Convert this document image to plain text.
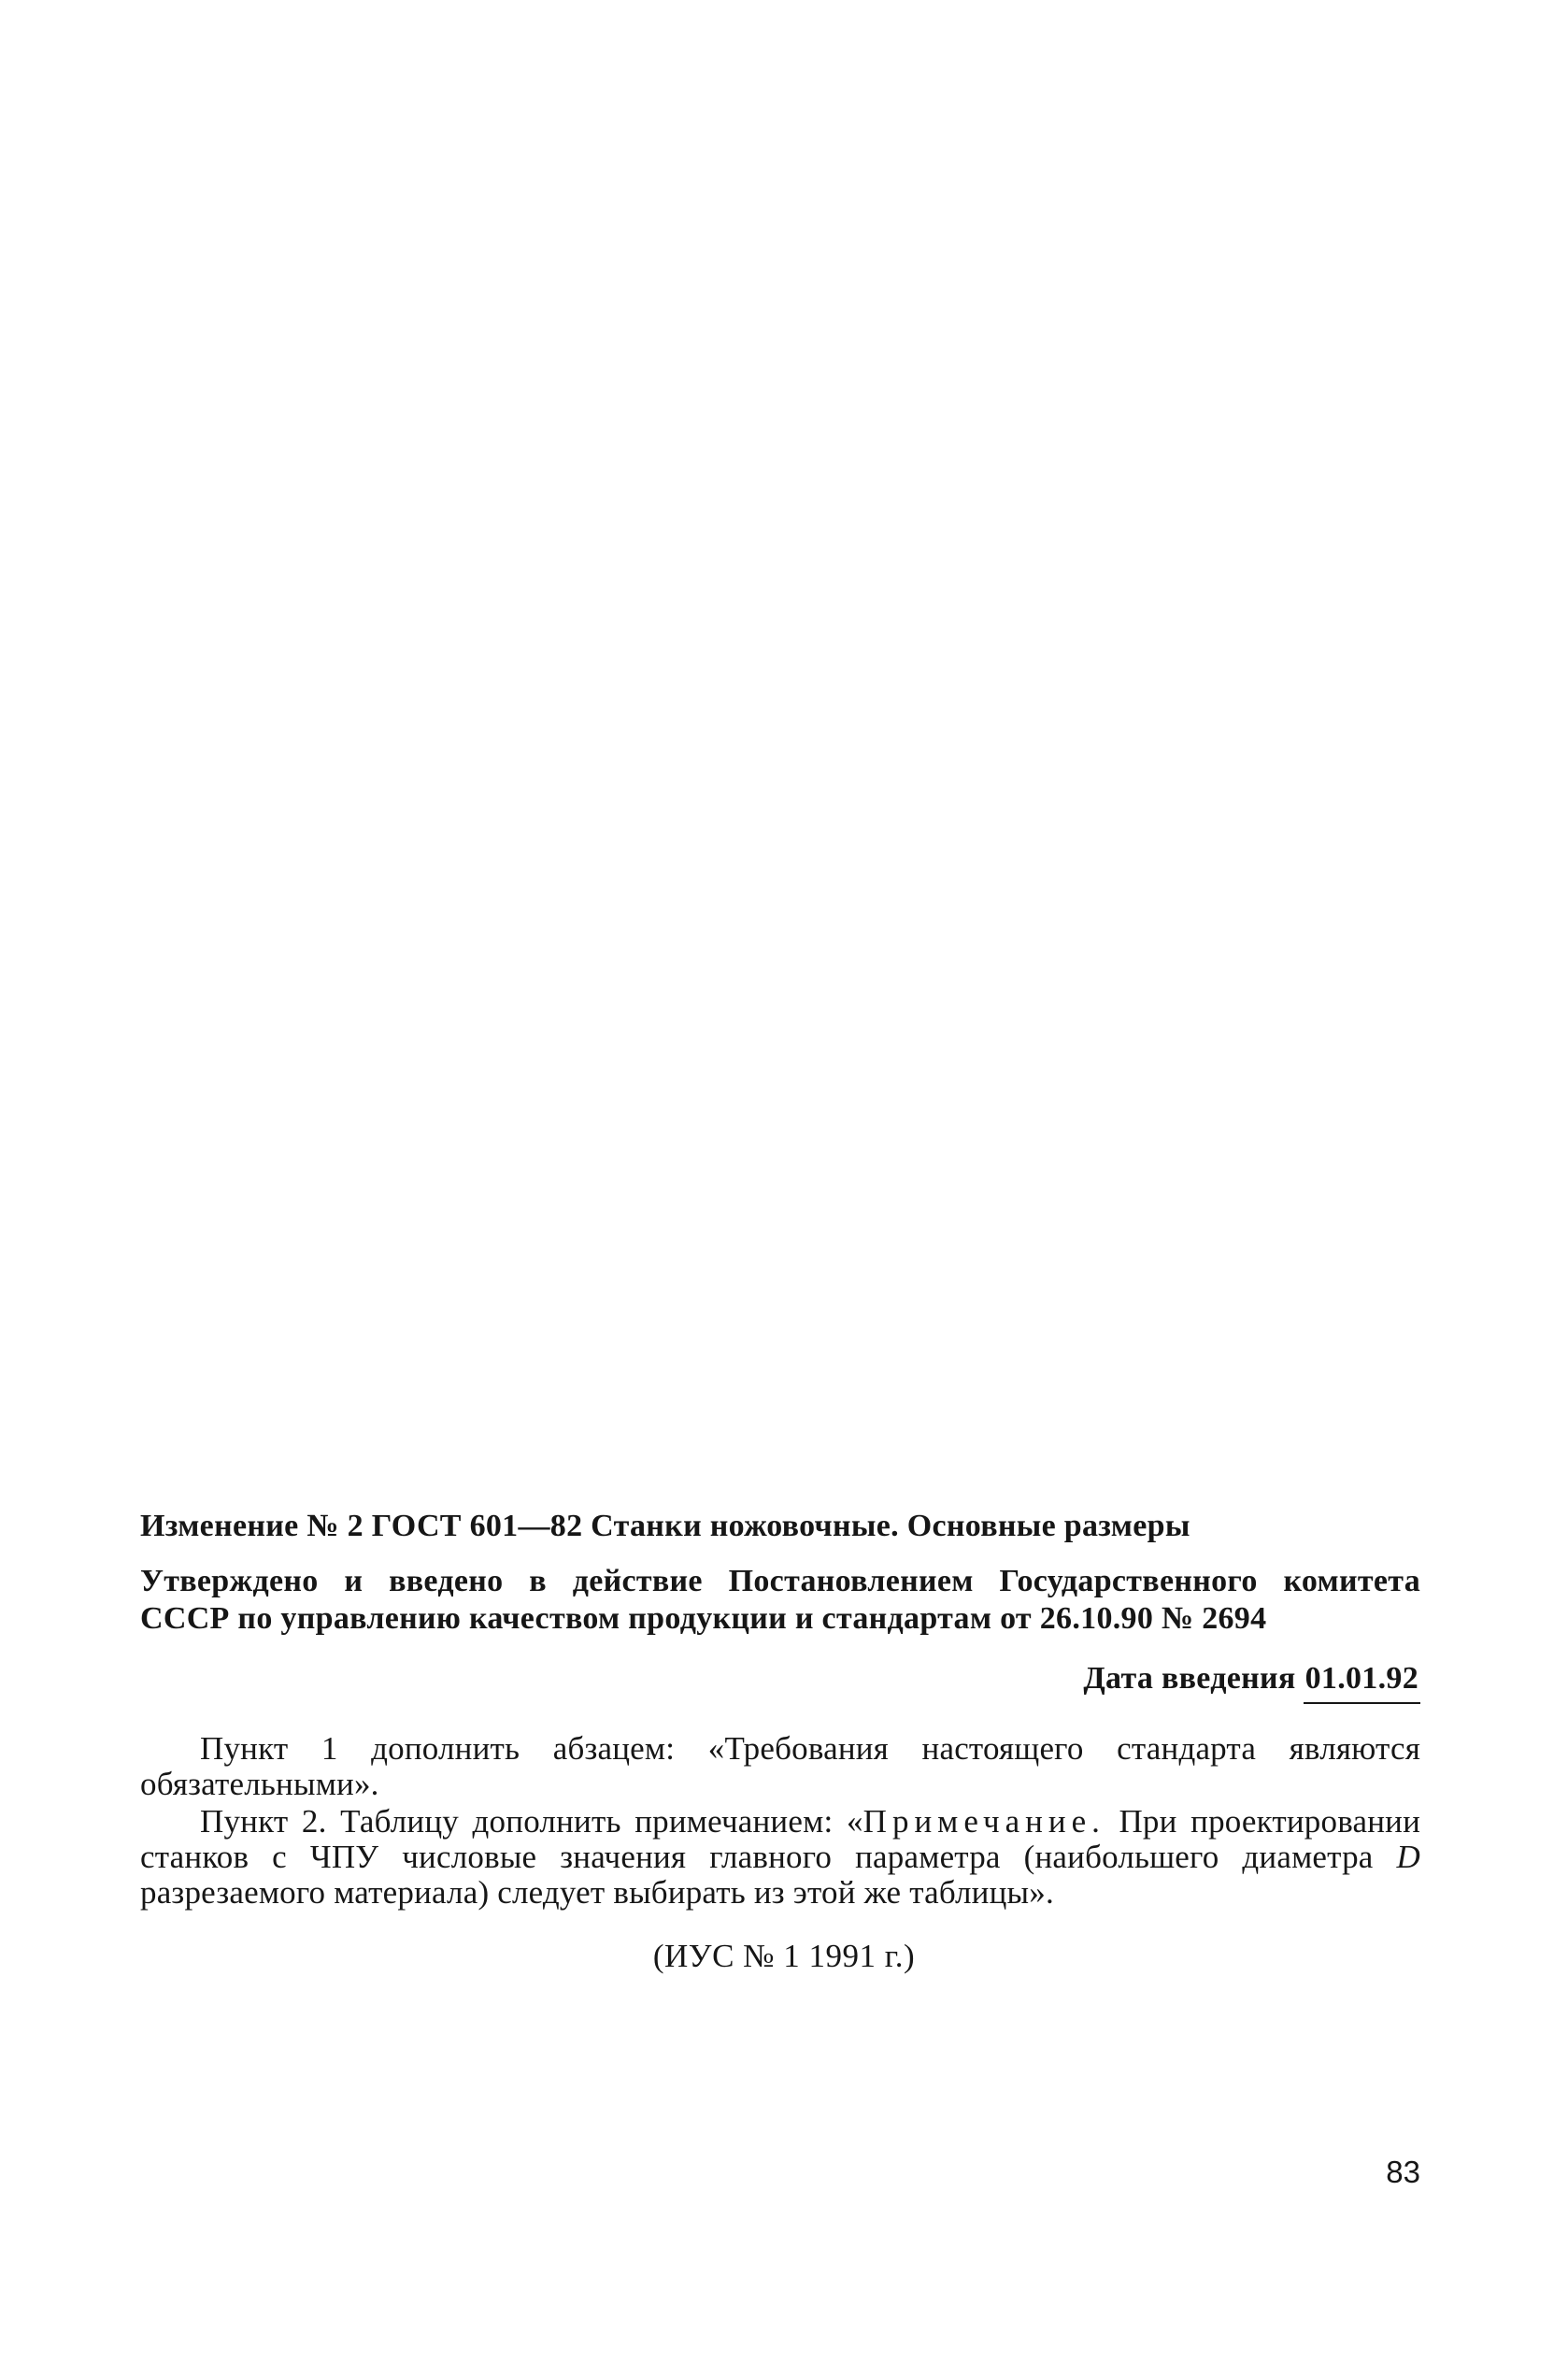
Изменение № 2 ГОСТ 601—82 Станки ножовочные. Основные размеры
Утверждено и введено в действие Постановлением Государственного комитета
СССР по управлению качеством продукции и стандартам от 26.10.90 № 2694
Дата введения 01.01.92

Пункт 1 дополнить абзацем: «Требования настоящего стандарта являются обязательными».

Пункт 2. Таблицу дополнить примечанием: «Примечание. При проектировании станков с ЧПУ числовые значения главного параметра (наибольшего диаметра D разрезаемого материала) следует выбирать из этой же таблицы».

(ИУС № 1 1991 г.)
83
